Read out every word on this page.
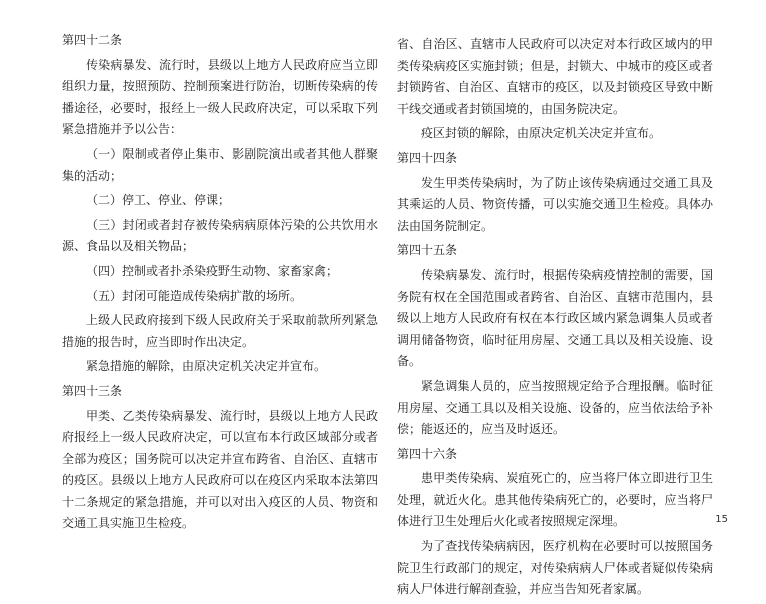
第四十二条

传染病暴发、流行时，县级以上地方人民政府应当立即组织力量，按照预防、控制预案进行防治，切断传染病的传播途径，必要时，报经上一级人民政府决定，可以采取下列紧急措施并予以公告：

（一）限制或者停止集市、影剧院演出或者其他人群聚集的活动；

（二）停工、停业、停课；

（三）封闭或者封存被传染病病原体污染的公共饮用水源、食品以及相关物品；

（四）控制或者扑杀染疫野生动物、家畜家禽；

（五）封闭可能造成传染病扩散的场所。

上级人民政府接到下级人民政府关于采取前款所列紧急措施的报告时，应当即时作出决定。

紧急措施的解除，由原决定机关决定并宣布。

第四十三条

甲类、乙类传染病暴发、流行时，县级以上地方人民政府报经上一级人民政府决定，可以宣布本行政区域部分或者全部为疫区；国务院可以决定并宣布跨省、自治区、直辖市的疫区。县级以上地方人民政府可以在疫区内采取本法第四十二条规定的紧急措施，并可以对出入疫区的人员、物资和交通工具实施卫生检疫。

省、自治区、直辖市人民政府可以决定对本行政区域内的甲类传染病疫区实施封锁；但是，封锁大、中城市的疫区或者封锁跨省、自治区、直辖市的疫区，以及封锁疫区导致中断干线交通或者封锁国境的，由国务院决定。

疫区封锁的解除，由原决定机关决定并宣布。

第四十四条

发生甲类传染病时，为了防止该传染病通过交通工具及其乘运的人员、物资传播，可以实施交通卫生检疫。具体办法由国务院制定。

第四十五条

传染病暴发、流行时，根据传染病疫情控制的需要，国务院有权在全国范围或者跨省、自治区、直辖市范围内，县级以上地方人民政府有权在本行政区域内紧急调集人员或者调用储备物资，临时征用房屋、交通工具以及相关设施、设备。

紧急调集人员的，应当按照规定给予合理报酬。临时征用房屋、交通工具以及相关设施、设备的，应当依法给予补偿；能返还的，应当及时返还。

第四十六条

患甲类传染病、炭疽死亡的，应当将尸体立即进行卫生处理，就近火化。患其他传染病死亡的，必要时，应当将尸体进行卫生处理后火化或者按照规定深埋。

为了查找传染病病因，医疗机构在必要时可以按照国务院卫生行政部门的规定，对传染病病人尸体或者疑似传染病病人尸体进行解剖查验，并应当告知死者家属。

15
